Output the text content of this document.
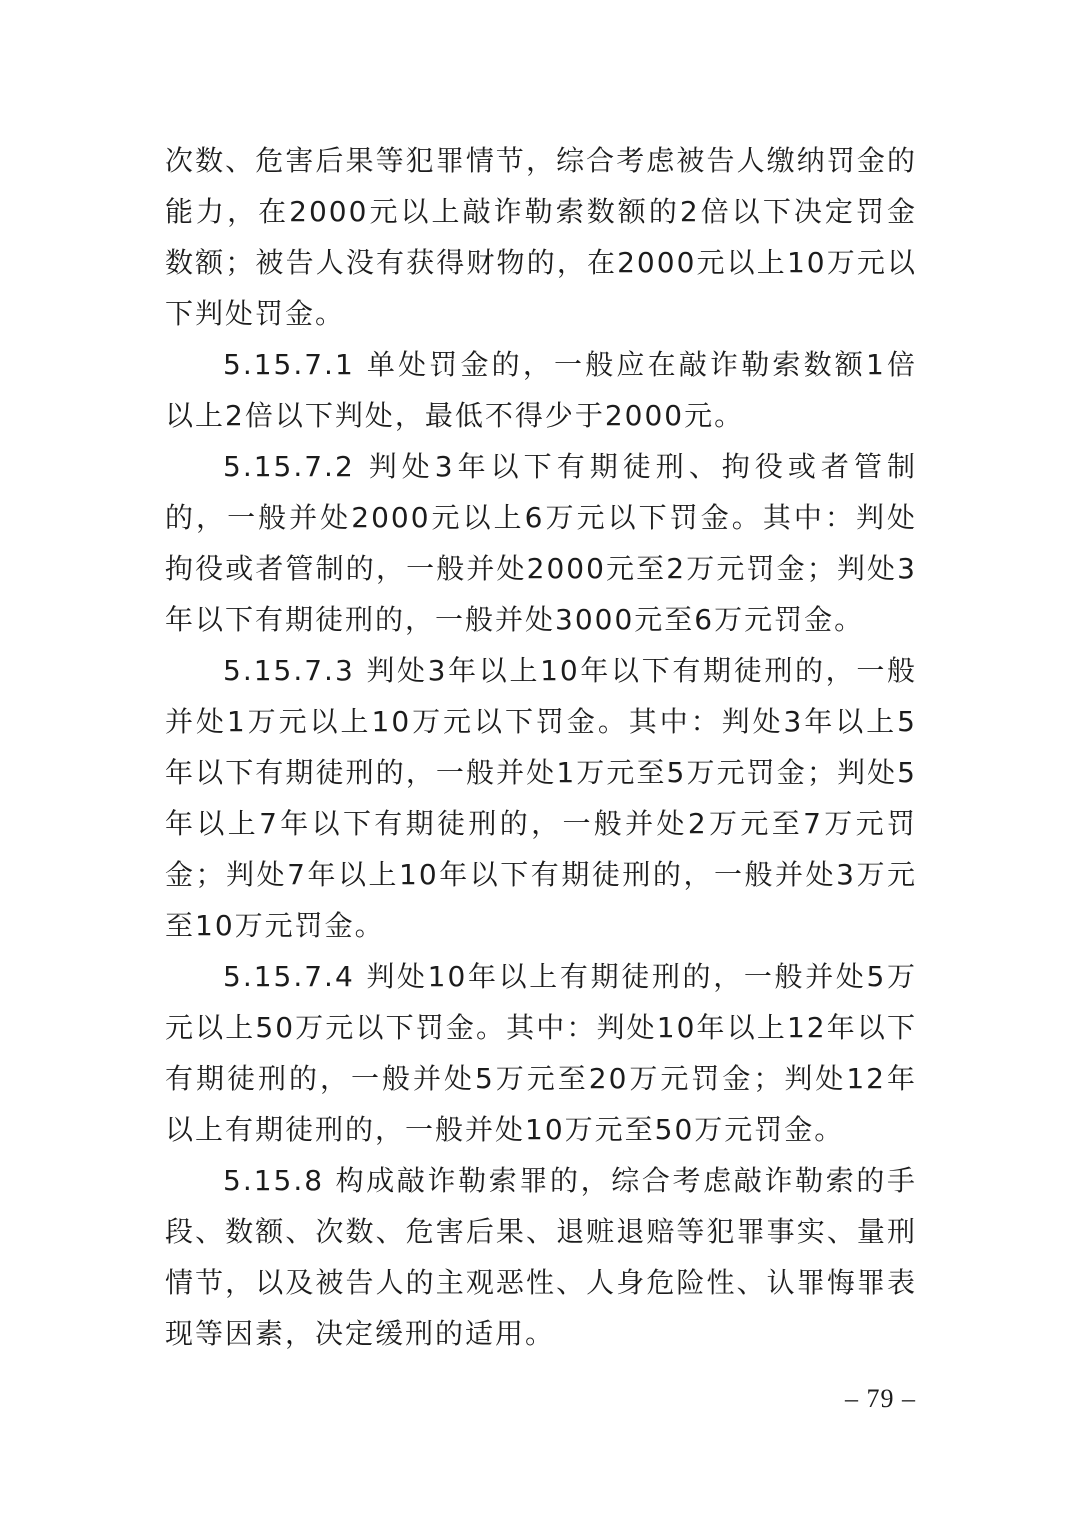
次数、危害后果等犯罪情节，综合考虑被告人缴纳罚金的能力，在2000元以上敲诈勒索数额的2倍以下决定罚金数额；被告人没有获得财物的，在2000元以上10万元以下判处罚金。

5.15.7.1 单处罚金的，一般应在敲诈勒索数额1倍以上2倍以下判处，最低不得少于2000元。

5.15.7.2 判处3年以下有期徒刑、拘役或者管制的，一般并处2000元以上6万元以下罚金。其中：判处拘役或者管制的，一般并处2000元至2万元罚金；判处3年以下有期徒刑的，一般并处3000元至6万元罚金。

5.15.7.3 判处3年以上10年以下有期徒刑的，一般并处1万元以上10万元以下罚金。其中：判处3年以上5年以下有期徒刑的，一般并处1万元至5万元罚金；判处5年以上7年以下有期徒刑的，一般并处2万元至7万元罚金；判处7年以上10年以下有期徒刑的，一般并处3万元至10万元罚金。

5.15.7.4 判处10年以上有期徒刑的，一般并处5万元以上50万元以下罚金。其中：判处10年以上12年以下有期徒刑的，一般并处5万元至20万元罚金；判处12年以上有期徒刑的，一般并处10万元至50万元罚金。

5.15.8 构成敲诈勒索罪的，综合考虑敲诈勒索的手段、数额、次数、危害后果、退赃退赔等犯罪事实、量刑情节，以及被告人的主观恶性、人身危险性、认罪悔罪表现等因素，决定缓刑的适用。

– 79 –
